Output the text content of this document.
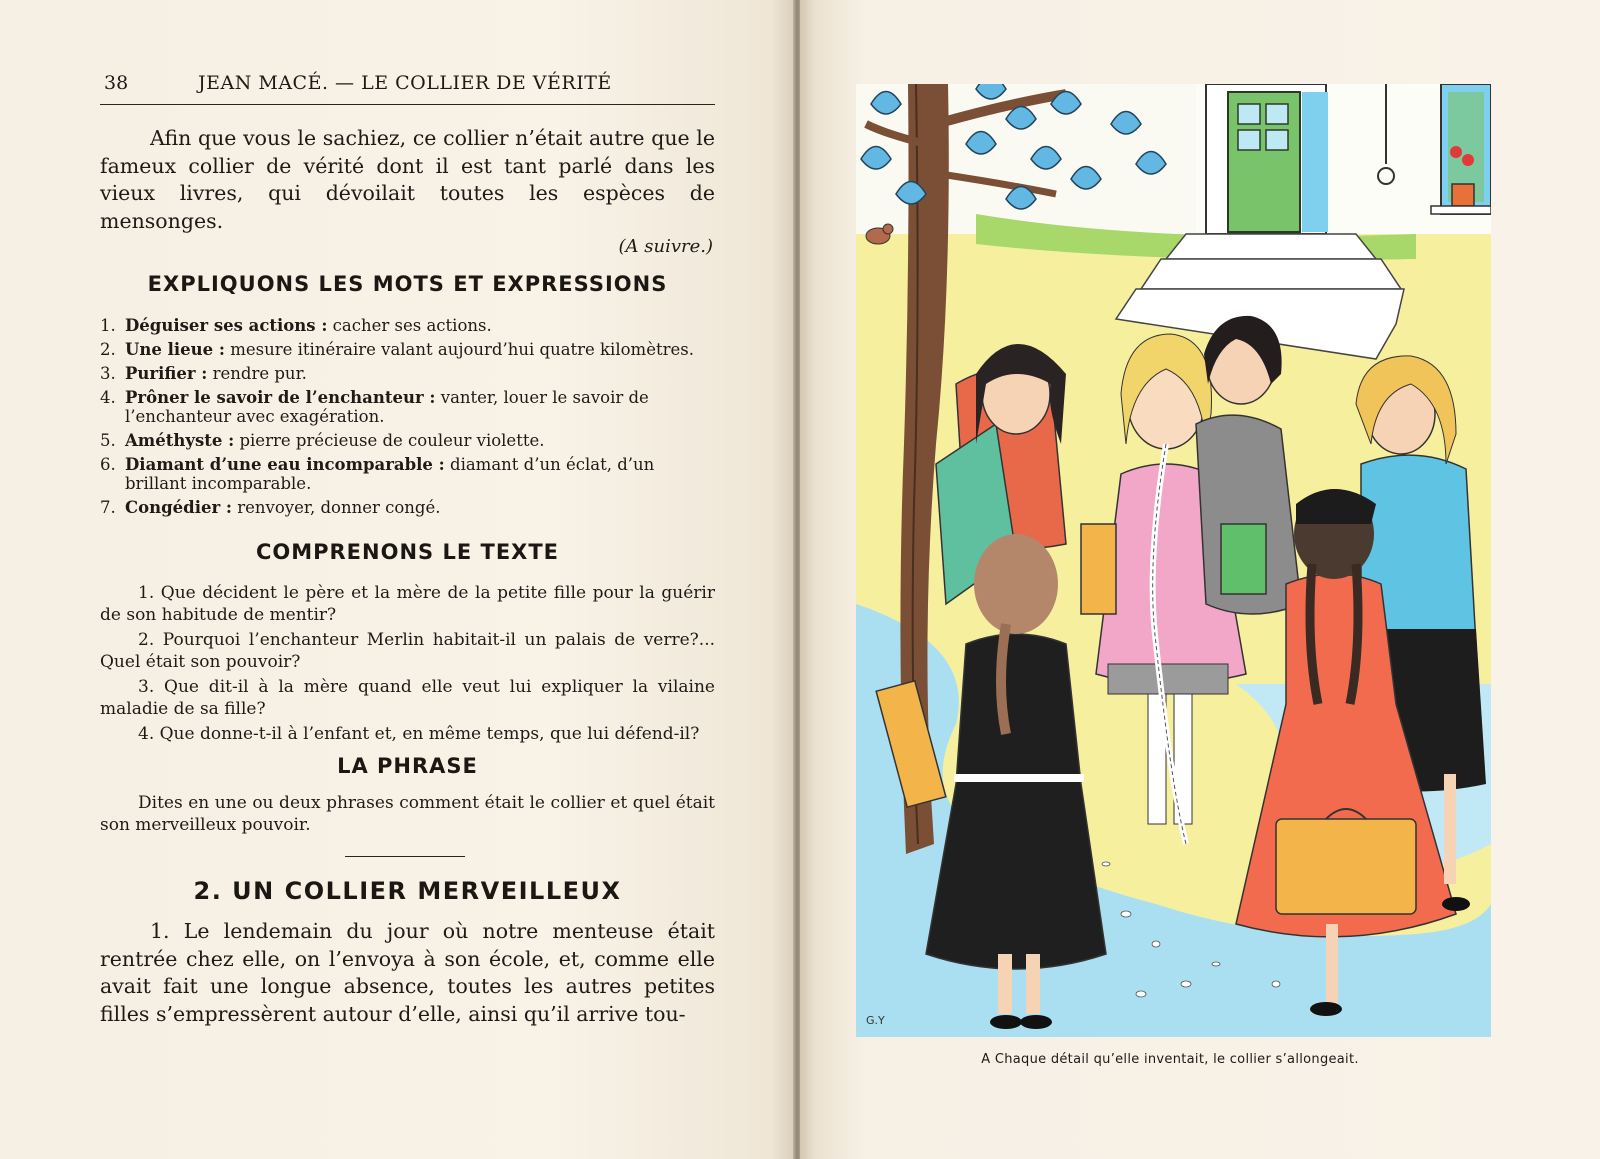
38	JEAN MACÉ. — LE COLLIER DE VÉRITÉ

Afin que vous le sachiez, ce collier n’était autre que le fameux collier de vérité dont il est tant parlé dans les vieux livres, qui dévoilait toutes les espèces de mensonges.

(A suivre.)
EXPLIQUONS LES MOTS ET EXPRESSIONS
1. Déguiser ses actions : cacher ses actions.
2. Une lieue : mesure itinéraire valant aujourd’hui quatre kilomètres.
3. Purifier : rendre pur.
4. Prôner le savoir de l’enchanteur : vanter, louer le savoir de l’enchanteur avec exagération.
5. Améthyste : pierre précieuse de couleur violette.
6. Diamant d’une eau incomparable : diamant d’un éclat, d’un brillant incomparable.
7. Congédier : renvoyer, donner congé.
COMPRENONS LE TEXTE

1. Que décident le père et la mère de la petite fille pour la guérir de son habitude de mentir?

2. Pourquoi l’enchanteur Merlin habitait-il un palais de verre?... Quel était son pouvoir?

3. Que dit-il à la mère quand elle veut lui expliquer la vilaine maladie de sa fille?

4. Que donne-t-il à l’enfant et, en même temps, que lui défend-il?

LA PHRASE

Dites en une ou deux phrases comment était le collier et quel était son merveilleux pouvoir.

2. UN COLLIER MERVEILLEUX

1. Le lendemain du jour où notre menteuse était rentrée chez elle, on l’envoya à son école, et, comme elle avait fait une longue absence, toutes les autres petites filles s’empressèrent autour d’elle, ainsi qu’il arrive tou-	G.Y
A Chaque détail qu’elle inventait, le collier s’allongeait.
